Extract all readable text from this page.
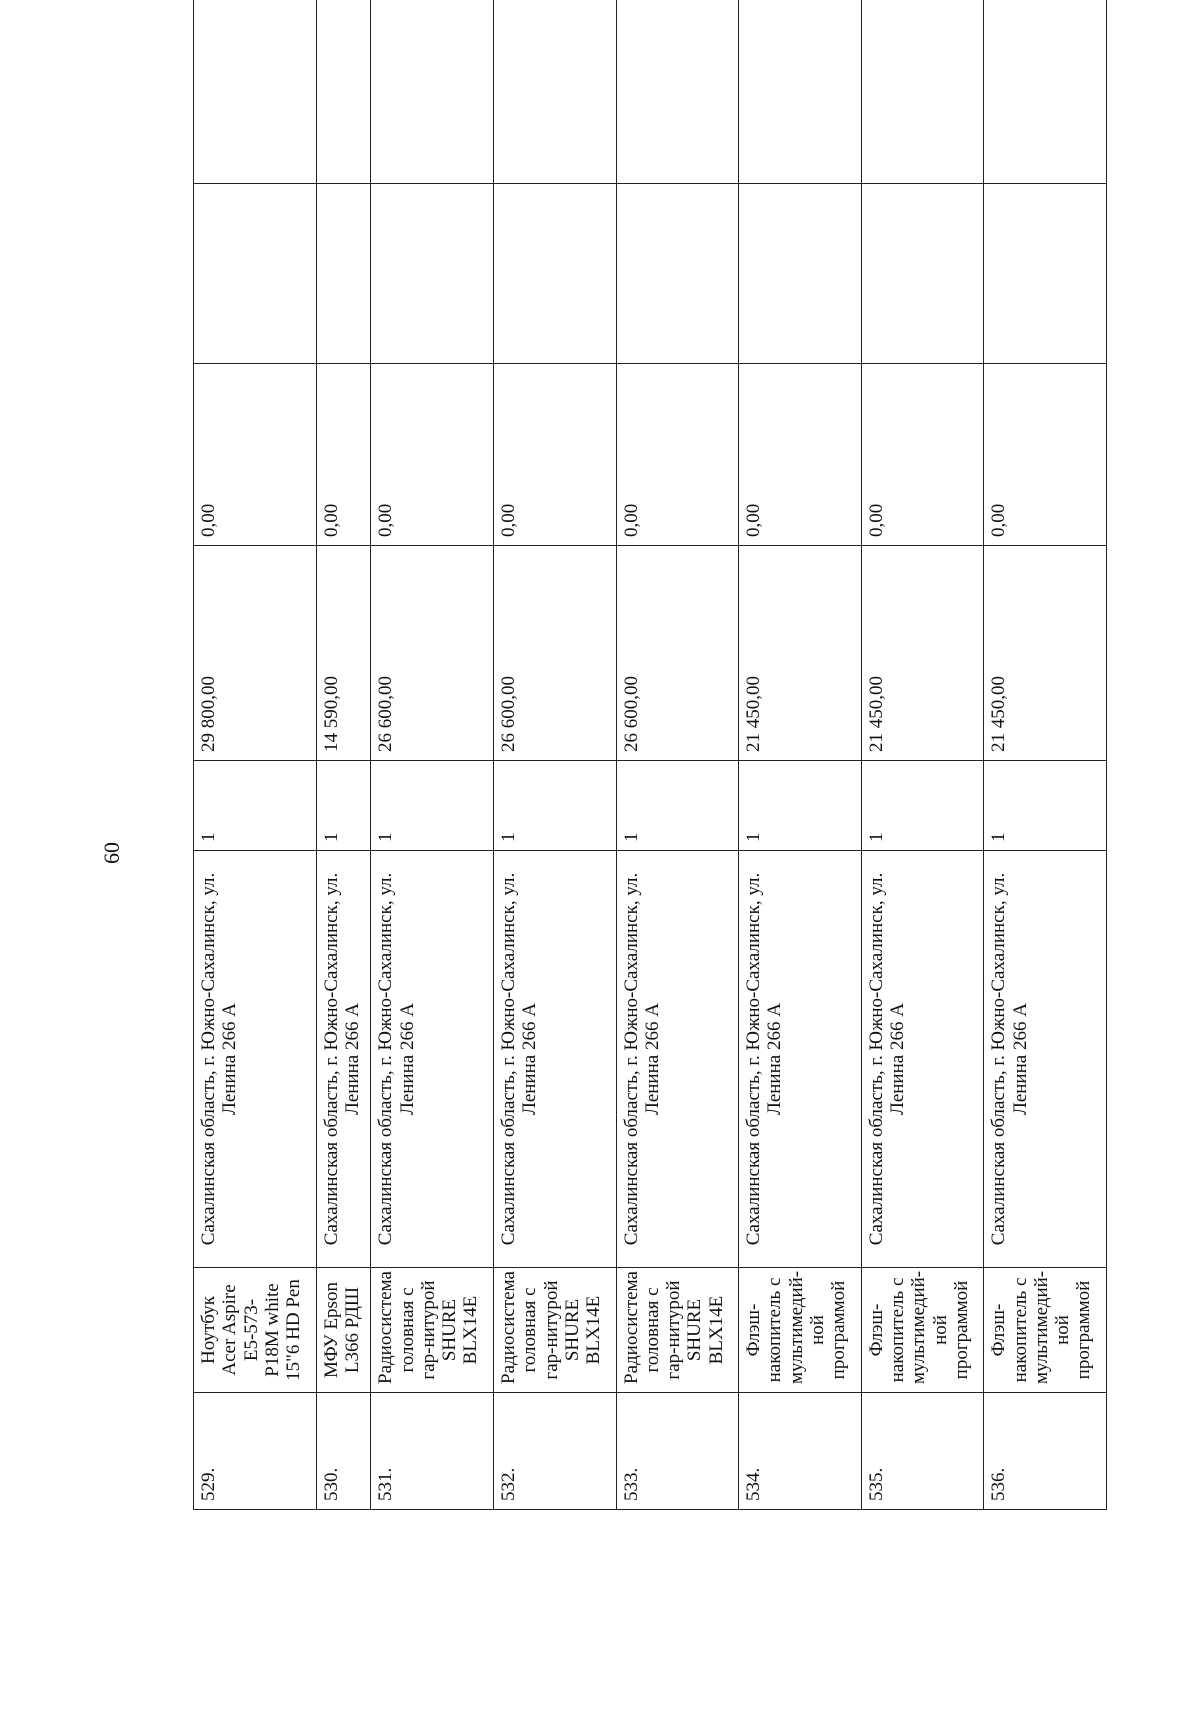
60
529.	Ноутбук Acer Aspire E5-573-P18M white 15"6 HD Pen	Сахалинская область, г. Южно-Сахалинск, ул. Ленина 266 А	1	29 800,00	0,00		
530.	МФУ Epson L366 РДШ	Сахалинская область, г. Южно-Сахалинск, ул. Ленина 266 А	1	14 590,00	0,00		
531.	Радиосистема головная с гар-нитурой SHURE BLX14E	Сахалинская область, г. Южно-Сахалинск, ул. Ленина 266 А	1	26 600,00	0,00		
532.	Радиосистема головная с гар-нитурой SHURE BLX14E	Сахалинская область, г. Южно-Сахалинск, ул. Ленина 266 А	1	26 600,00	0,00		
533.	Радиосистема головная с гар-нитурой SHURE BLX14E	Сахалинская область, г. Южно-Сахалинск, ул. Ленина 266 А	1	26 600,00	0,00		
534.	Флэш-накопитель с мультимедий-ной программой	Сахалинская область, г. Южно-Сахалинск, ул. Ленина 266 А	1	21 450,00	0,00		
535.	Флэш-накопитель с мультимедий-ной программой	Сахалинская область, г. Южно-Сахалинск, ул. Ленина 266 А	1	21 450,00	0,00		
536.	Флэш-накопитель с мультимедий-ной программой	Сахалинская область, г. Южно-Сахалинск, ул. Ленина 266 А	1	21 450,00	0,00		
